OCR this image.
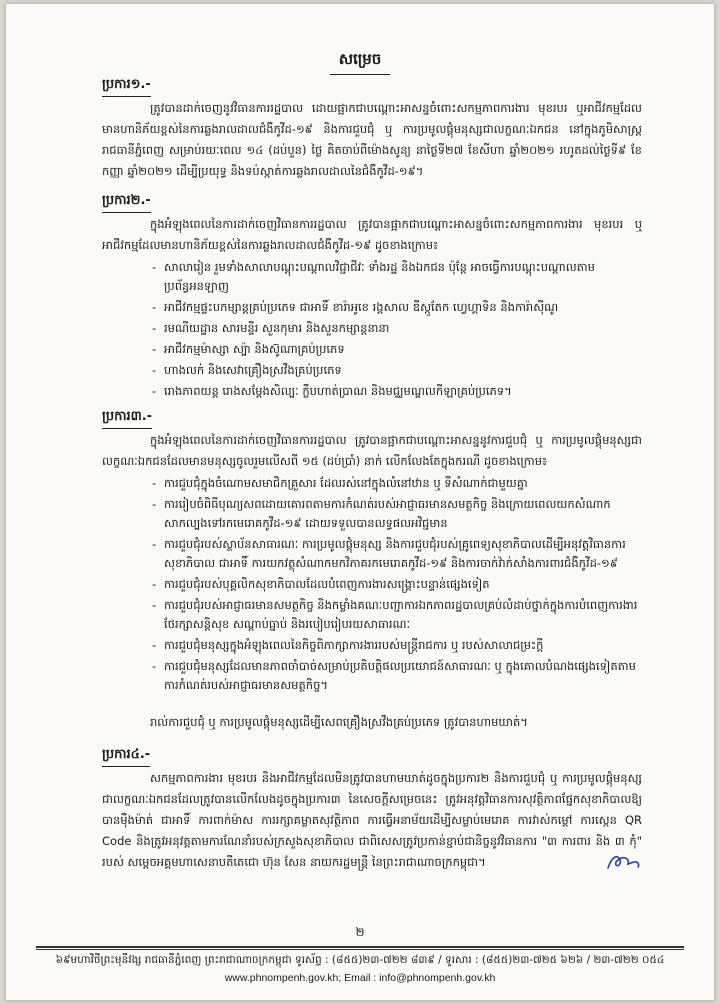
សម្រេច
ប្រការ១.-
ត្រូវបានដាក់ចេញនូវវិធានការរដ្ឋបាល ដោយផ្អាកជាបណ្ដោះអាសន្នចំពោះសកម្មភាពការងារ មុខរបរ ឬអាជីវកម្មដែលមានហានិភ័យខ្ពស់នៃការឆ្លងរាលដាលជំងឺកូវីដ-១៩ និងការជួបជុំ ឬ ការប្រមូលផ្ដុំមនុស្សជាលក្ខណៈឯកជន នៅក្នុងភូមិសាស្ត្ររាជធានីភ្នំពេញ សម្រាប់រយៈពេល ១៤ (ដប់បួន) ថ្ងៃ គិតចាប់ពីម៉ោងសូន្យ នាថ្ងៃទី២៧ ខែសីហា ឆ្នាំ២០២១ រហូតដល់ថ្ងៃទី៩ ខែកញ្ញា ឆ្នាំ២០២១ ដើម្បីប្រយុទ្ធ និងទប់ស្កាត់ការឆ្លងរាលដាលនៃជំងឺកូវីដ-១៩។
ប្រការ២.-
ក្នុងអំឡុងពេលនៃការដាក់ចេញវិធានការរដ្ឋបាល ត្រូវបានផ្អាកជាបណ្ដោះអាសន្នចំពោះសកម្មភាពការងារ មុខរបរ ឬ អាជីវកម្មដែលមានហានិភ័យខ្ពស់នៃការឆ្លងរាលដាលជំងឺកូវីដ-១៩ ដូចខាងក្រោម៖
- សាលារៀន រួមទាំងសាលាបណ្ដុះបណ្ដាលវិជ្ជាជីវៈ ទាំងរដ្ឋ និងឯកជន ប៉ុន្តែ អាចធ្វើការបណ្ដុះបណ្ដាលតាមប្រព័ន្ធអនឡាញ
- អាជីវកម្មផ្ទះបកម្សាន្តគ្រប់ប្រភេទ ជាអាទិ៍ ខារ៉ាអូខេ រង្គសាល ឌីស្កូតែក ហ្វេហ្គាទិន និងការ៉ាស៊ីណូ
- រមណីយដ្ឋាន សារមន្ទីរ សួនកុមារ និងសួនកម្សាន្តនានា
- អាជីវកម្មម៉ាស្សា ស្ប៉ា និងស៊ូណាគ្រប់ប្រភេទ
- ហាងលក់ និងសេវាគ្រឿងស្រវឹងគ្រប់ប្រភេទ
- រោងភាពយន្ត រោងសម្ដែងសិល្បៈ ក្លឹបហាត់ប្រាណ និងមជ្ឈមណ្ឌលកីឡាគ្រប់ប្រភេទ។
ប្រការ៣.-
ក្នុងអំឡុងពេលនៃការដាក់ចេញវិធានការរដ្ឋបាល ត្រូវបានផ្អាកជាបណ្ដោះអាសន្ននូវការជួបជុំ ឬ ការប្រមូលផ្ដុំមនុស្សជាលក្ខណៈឯកជនដែលមានមនុស្សចូលរួមលើសពី ១៥ (ដប់ប្រាំ) នាក់ លើកលែងតែក្នុងករណី ដូចខាងក្រោម៖
- ការជួបជុំក្នុងចំណោមសមាជិកគ្រួសារ ដែលរស់នៅក្នុងលំនៅឋាន ឬ ទីសំណាក់ជាមួយគ្នា
- ការរៀបចំពិធីបុណ្យសពដោយគោរពតាមការកំណត់របស់អាជ្ញាធរមានសមត្ថកិច្ច និងក្រោយពេលយកសំណាកសាកល្បងទៅរកមេរោគកូវីដ-១៩ ដោយទទួលបានលទ្ធផលអវិជ្ជមាន
- ការជួបជុំរបស់ស្ថាប័នសាធារណៈ ការប្រមូលផ្ដុំមនុស្ស និងការជួបជុំរបស់គ្រូពេទ្យសុខាភិបាលដើម្បីអនុវត្តវិធានការសុខាភិបាល ជាអាទិ៍ ការយកវត្ថុសំណាកមកវិភាគរកមេរោគកូវីដ-១៩ និងការចាក់វ៉ាក់សាំងការពារជំងឺកូវីដ-១៩
- ការជួបជុំរបស់បុគ្គលិកសុខាភិបាលដែលបំពេញការងារសង្គ្រោះបន្ទាន់ផ្សេងទៀត
- ការជួបជុំរបស់អាជ្ញាធរមានសមត្ថកិច្ច និងកម្លាំងគណៈបញ្ជាការឯកភាពរដ្ឋបាលគ្រប់លំដាប់ថ្នាក់ក្នុងការបំពេញការងារថែរក្សាសន្តិសុខ សណ្ដាប់ធ្នាប់ និងរបៀបរៀបរយសាធារណៈ
- ការជួបជុំមនុស្សក្នុងអំឡុងពេលនៃកិច្ចពិភាក្សាការងាររបស់មន្ត្រីរាជការ ឬ របស់សាលាជម្រះក្ដី
- ការជួបជុំមនុស្សដែលមានភាពចាំបាច់សម្រាប់ប្រតិបត្តិផលប្រយោជន៍សាធារណៈ ឬ ក្នុងគោលបំណងផ្សេងទៀតតាមការកំណត់របស់អាជ្ញាធរមានសមត្ថកិច្ច។
រាល់ការជួបជុំ ឬ ការប្រមូលផ្ដុំមនុស្សដើម្បីសេពគ្រឿងស្រវឹងគ្រប់ប្រភេទ ត្រូវបានហាមឃាត់។
ប្រការ៤.-
សកម្មភាពការងារ មុខរបរ និងអាជីវកម្មដែលមិនត្រូវបានហាមឃាត់ដូចក្នុងប្រការ២ និងការជួបជុំ ឬ ការប្រមូលផ្ដុំមនុស្សជាលក្ខណៈឯកជនដែលត្រូវបានលើកលែងដូចក្នុងប្រការ៣ នៃសេចក្ដីសម្រេចនេះ ត្រូវអនុវត្តវិធានការសុវត្ថិភាពផ្នែកសុខាភិបាលឱ្យបានម៉ឺងម៉ាត់ ជាអាទិ៍ ការពាក់ម៉ាស ការរក្សាគម្លាតសុវត្ថិភាព ការធ្វើអនាម័យដើម្បីសម្លាប់មេរោគ ការវាស់កម្ដៅ ការស្កេន QR Code និងត្រូវអនុវត្តតាមការណែនាំរបស់ក្រសួងសុខាភិបាល ជាពិសេសត្រូវប្រកាន់ខ្ជាប់ជានិច្ចនូវវិធានការ "៣ ការពារ និង ៣ កុំ" របស់ សម្ដេចអគ្គមហាសេនាបតីតេជោ ហ៊ុន សែន នាយករដ្ឋមន្ត្រី នៃព្រះរាជាណាចក្រកម្ពុជា។
២
៦៩មហាវិថីព្រះមុនីវង្ស រាជធានីភ្នំពេញ ព្រះរាជាណាចក្រកម្ពុជា ទូរស័ព្ទ : (៨៥៥)២៣-៧២២ ៨៣៩ / ទូរសារ : (៨៥៥)២៣-៧២៥ ៦២៦ / ២៣-៧២២ ០៥៤
www.phnompenh.gov.kh; Email : info@phnompenh.gov.kh
